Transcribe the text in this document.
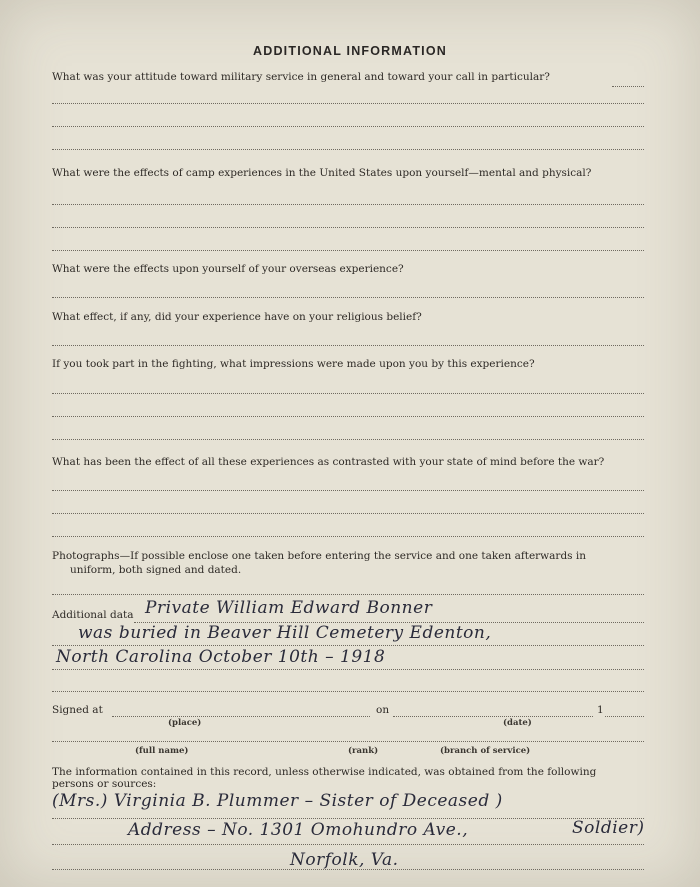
ADDITIONAL INFORMATION
What was your attitude toward military service in general and toward your call in particular?
What were the effects of camp experiences in the United States upon yourself—mental and physical?
What were the effects upon yourself of your overseas experience?
What effect, if any, did your experience have on your religious belief?
If you took part in the fighting, what impressions were made upon you by this experience?
What has been the effect of all these experiences as contrasted with your state of mind before the war?
Photographs—If possible enclose one taken before entering the service and one taken afterwards in
uniform, both signed and dated.
Additional data Private William Edward Bonner
was buried in Beaver Hill Cemetery Edenton,
North Carolina October 10th – 1918
Signed at	on	1
(place)	(date)
(full name)	(rank)	(branch of service)
The information contained in this record, unless otherwise indicated, was obtained from the following
persons or sources:
(Mrs.) Virginia B. Plummer – Sister of Deceased )
Address – No. 1301 Omohundro Ave.,	Soldier)
Norfolk, Va.
